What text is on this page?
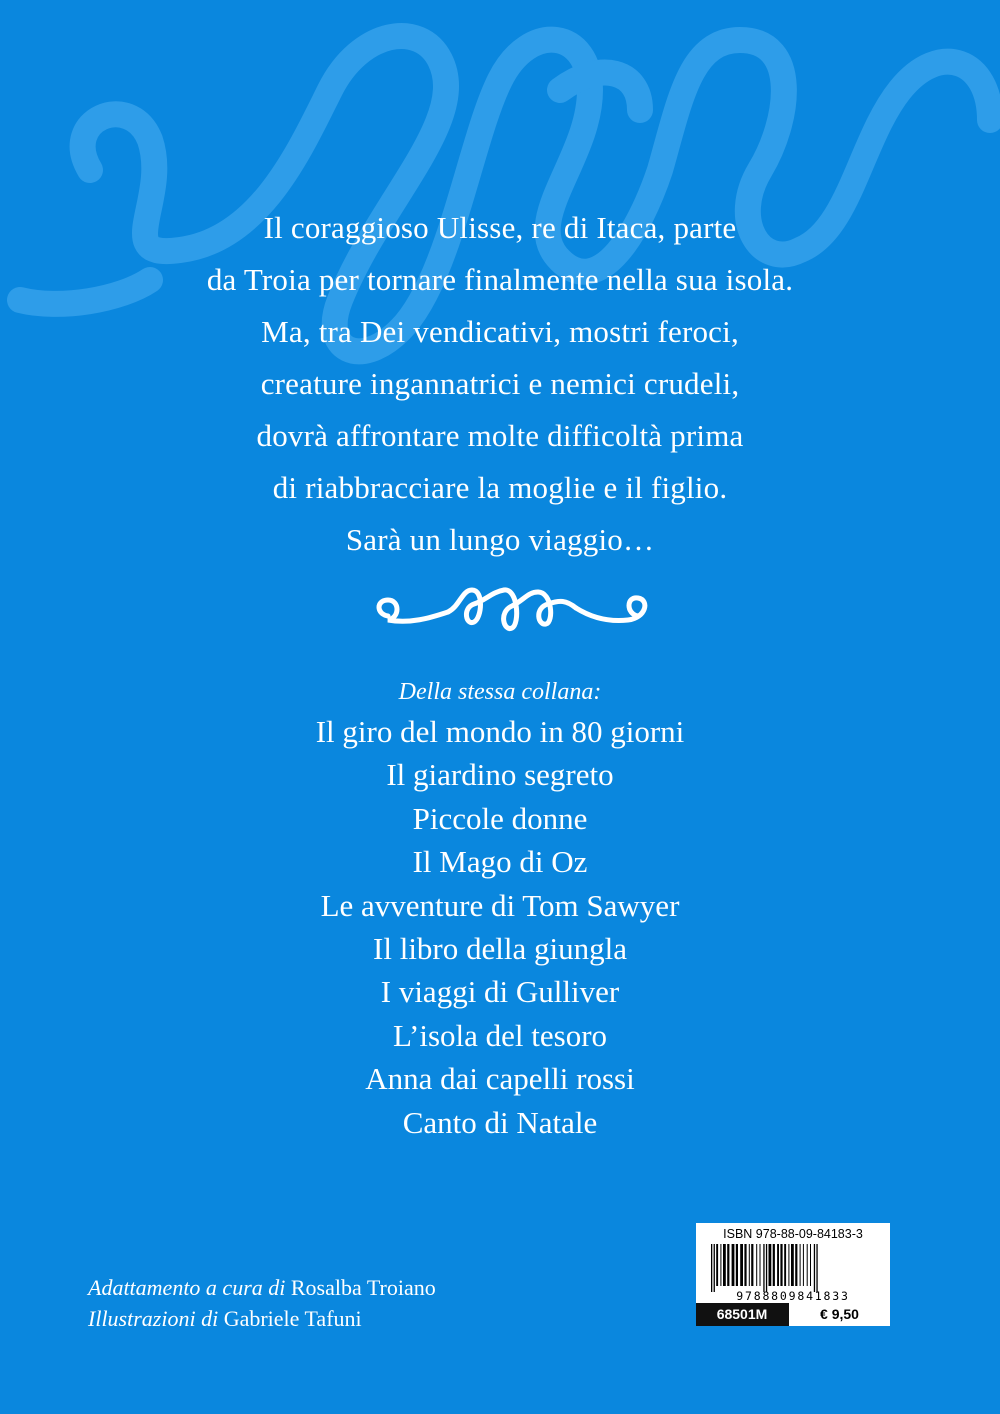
Il coraggioso Ulisse, re di Itaca, parte
da Troia per tornare finalmente nella sua isola.
Ma, tra Dei vendicativi, mostri feroci,
creature ingannatrici e nemici crudeli,
dovrà affrontare molte difficoltà prima
di riabbracciare la moglie e il figlio.
Sarà un lungo viaggio…
Della stessa collana:
Il giro del mondo in 80 giorni
Il giardino segreto
Piccole donne
Il Mago di Oz
Le avventure di Tom Sawyer
Il libro della giungla
I viaggi di Gulliver
L’isola del tesoro
Anna dai capelli rossi
Canto di Natale
Adattamento a cura di Rosalba Troiano
Illustrazioni di Gabriele Tafuni
ISBN 978-88-09-84183-3
9788809841833
68501M	€ 9,50
